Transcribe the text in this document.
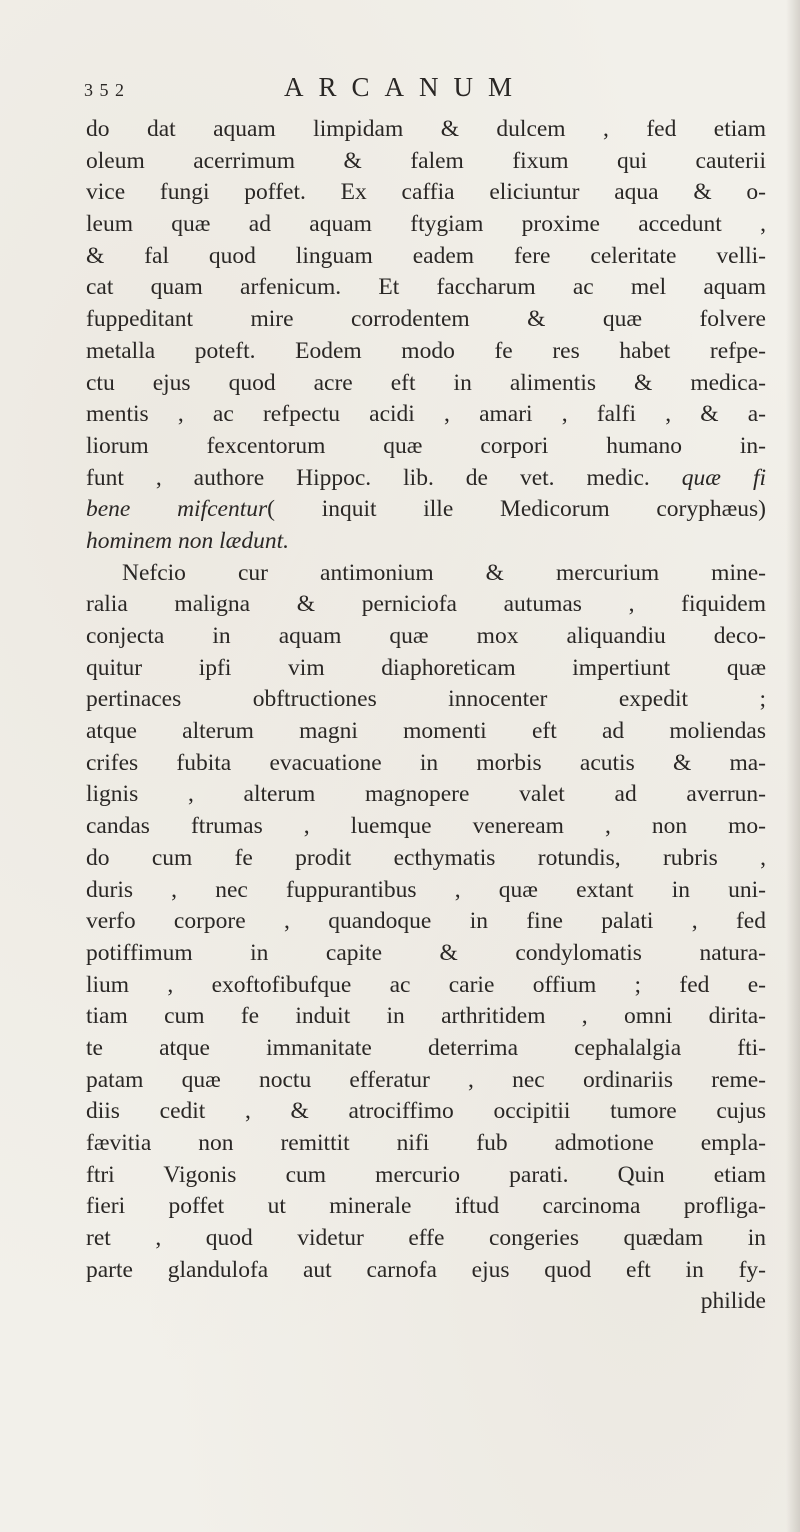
3 5 2	ARCANUM
do dat aquam limpidam & dulcem , fed etiam
oleum acerrimum & falem fixum qui cauterii
vice fungi poffet. Ex caffia eliciuntur aqua & o-
leum quæ ad aquam ftygiam proxime accedunt ,
& fal quod linguam eadem fere celeritate velli-
cat quam arfenicum. Et faccharum ac mel aquam
fuppeditant mire corrodentem & quæ folvere
metalla poteft. Eodem modo fe res habet refpe-
ctu ejus quod acre eft in alimentis & medica-
mentis , ac refpectu acidi , amari , falfi , & a-
liorum fexcentorum quæ corpori humano in-
funt , authore Hippoc. lib. de vet. medic. quæ fi
bene mifcentur( inquit ille Medicorum coryphæus)
hominem non lædunt.
Nefcio cur antimonium & mercurium mine-
ralia maligna & perniciofa autumas , fiquidem
conjecta in aquam quæ mox aliquandiu deco-
quitur ipfi vim diaphoreticam impertiunt quæ
pertinaces obftructiones innocenter expedit ;
atque alterum magni momenti eft ad moliendas
crifes fubita evacuatione in morbis acutis & ma-
lignis , alterum magnopere valet ad averrun-
candas ftrumas , luemque veneream , non mo-
do cum fe prodit ecthymatis rotundis, rubris ,
duris , nec fuppurantibus , quæ extant in uni-
verfo corpore , quandoque in fine palati , fed
potiffimum in capite & condylomatis natura-
lium , exoftofibufque ac carie offium ; fed e-
tiam cum fe induit in arthritidem , omni dirita-
te atque immanitate deterrima cephalalgia fti-
patam quæ noctu efferatur , nec ordinariis reme-
diis cedit , & atrociffimo occipitii tumore cujus
fævitia non remittit nifi fub admotione empla-
ftri Vigonis cum mercurio parati. Quin etiam
fieri poffet ut minerale iftud carcinoma profliga-
ret , quod videtur effe congeries quædam in
parte glandulofa aut carnofa ejus quod eft in fy-
philide
